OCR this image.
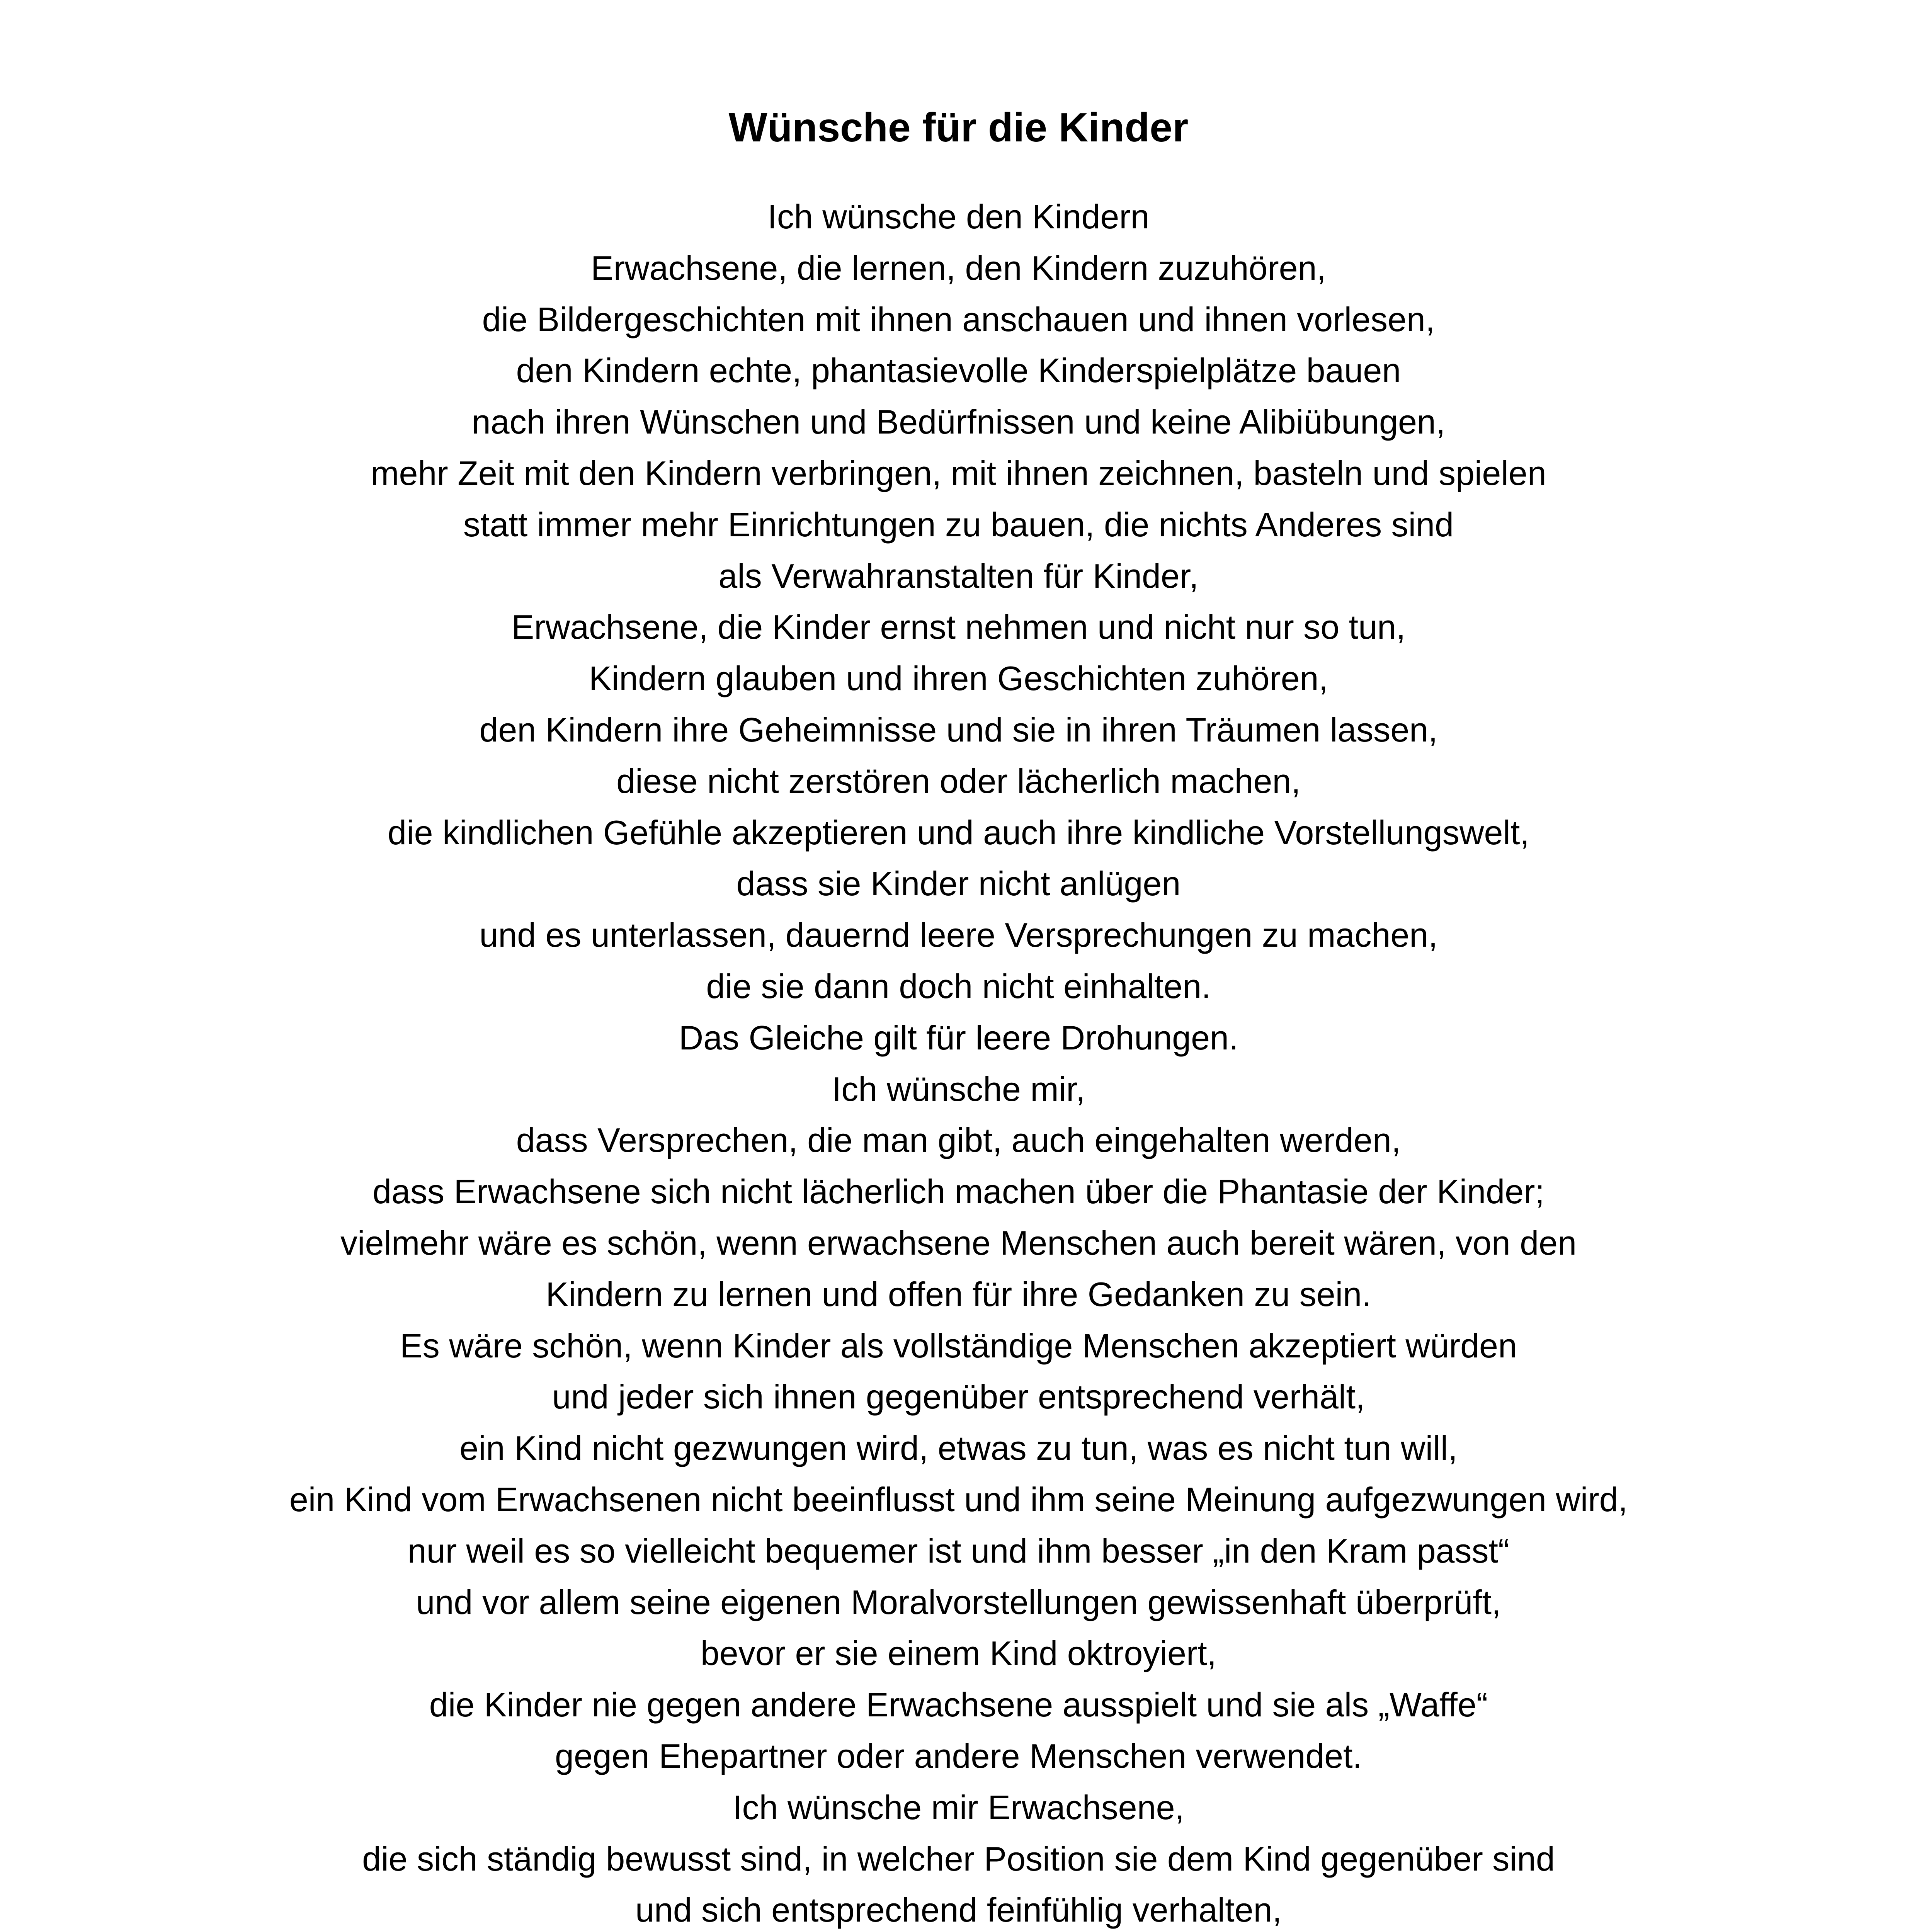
Wünsche für die Kinder
Ich wünsche den Kindern
Erwachsene, die lernen, den Kindern zuzuhören,
die Bildergeschichten mit ihnen anschauen und ihnen vorlesen,
den Kindern echte, phantasievolle Kinderspielplätze bauen
nach ihren Wünschen und Bedürfnissen und keine Alibiübungen,
mehr Zeit mit den Kindern verbringen, mit ihnen zeichnen, basteln und spielen
statt immer mehr Einrichtungen zu bauen, die nichts Anderes sind
als Verwahranstalten für Kinder,
Erwachsene, die Kinder ernst nehmen und nicht nur so tun,
Kindern glauben und ihren Geschichten zuhören,
den Kindern ihre Geheimnisse und sie in ihren Träumen lassen,
diese nicht zerstören oder lächerlich machen,
die kindlichen Gefühle akzeptieren und auch ihre kindliche Vorstellungswelt,
dass sie Kinder nicht anlügen
und es unterlassen, dauernd leere Versprechungen zu machen,
die sie dann doch nicht einhalten.
Das Gleiche gilt für leere Drohungen.
Ich wünsche mir,
dass Versprechen, die man gibt, auch eingehalten werden,
dass Erwachsene sich nicht lächerlich machen über die Phantasie der Kinder;
vielmehr wäre es schön, wenn erwachsene Menschen auch bereit wären, von den
Kindern zu lernen und offen für ihre Gedanken zu sein.
Es wäre schön, wenn Kinder als vollständige Menschen akzeptiert würden
und jeder sich ihnen gegenüber entsprechend verhält,
ein Kind nicht gezwungen wird, etwas zu tun, was es nicht tun will,
ein Kind vom Erwachsenen nicht beeinflusst und ihm seine Meinung aufgezwungen wird,
nur weil es so vielleicht bequemer ist und ihm besser „in den Kram passt“
und vor allem seine eigenen Moralvorstellungen gewissenhaft überprüft,
bevor er sie einem Kind oktroyiert,
die Kinder nie gegen andere Erwachsene ausspielt und sie als „Waffe“
gegen Ehepartner oder andere Menschen verwendet.
Ich wünsche mir Erwachsene,
die sich ständig bewusst sind, in welcher Position sie dem Kind gegenüber sind
und sich entsprechend feinfühlig verhalten,
